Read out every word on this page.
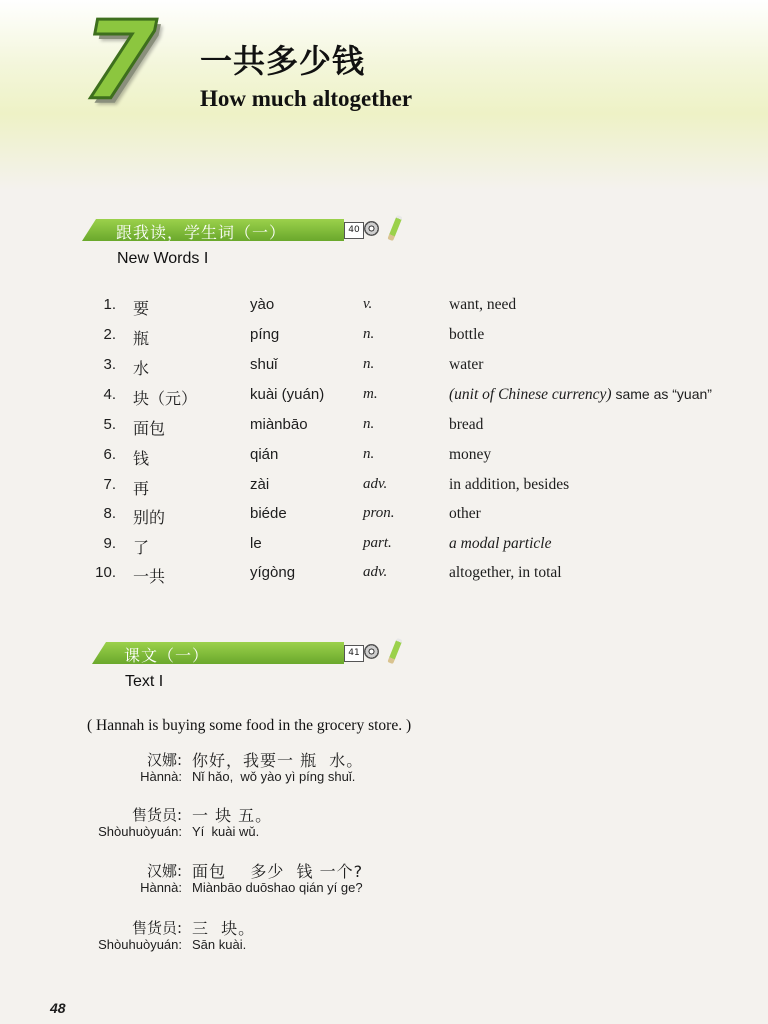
7 一共多少钱
How much altogether
跟我读，学生词（一）	40
New Words I
1. 要	yào	v.	want, need
2. 瓶	píng	n.	bottle
3. 水	shuǐ	n.	water
4. 块（元）	kuài (yuán)	m.	(unit of Chinese currency) same as “yuan”
5. 面包	miànbāo	n.	bread
6. 钱	qián	n.	money
7. 再	zài	adv.	in addition, besides
8. 别的	biéde	pron.	other
9. 了	le	part.	a modal particle
10. 一共	yígòng	adv.	altogether, in total
课文（一）	41
Text I
( Hannah is buying some food in the grocery store. )
汉娜: 你好，我要一 瓶  水。
Hànnà: Nǐ hǎo,  wǒ yào yì píng shuǐ.
售货员: 一 块 五。
Shòuhuòyuán: Yí  kuài wǔ.
汉娜: 面包    多少  钱 一个?
Hànnà: Miànbāo duōshao qián yí ge?
售货员: 三  块。
Shòuhuòyuán: Sān kuài.
48
